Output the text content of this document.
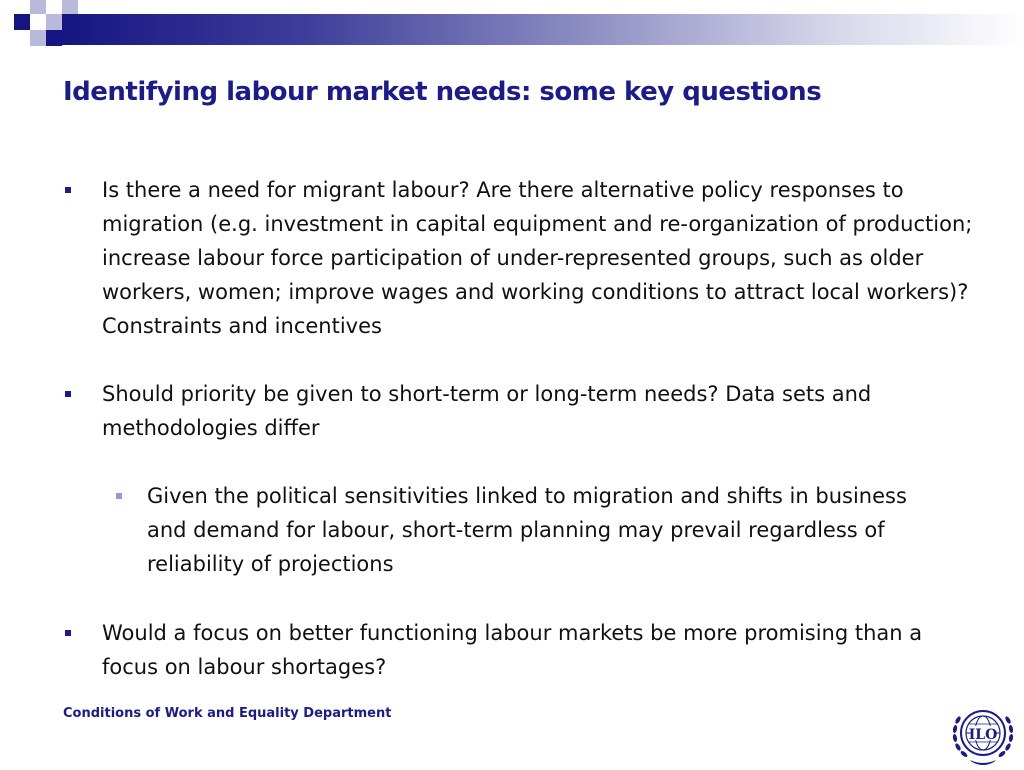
Identifying labour market needs: some key questions
Is there a need for migrant labour? Are there alternative policy responses to migration (e.g. investment in capital equipment and re-organization of production; increase labour force participation of under-represented groups, such as older workers, women; improve wages and working conditions to attract local workers)? Constraints and incentives
Should priority be given to short-term or long-term needs? Data sets and methodologies differ
Given the political sensitivities linked to migration and shifts in business and demand for labour, short-term planning may prevail regardless of reliability of projections
Would a focus on better functioning labour markets be more promising than a focus on labour shortages?
Conditions of Work and Equality Department
ILO
